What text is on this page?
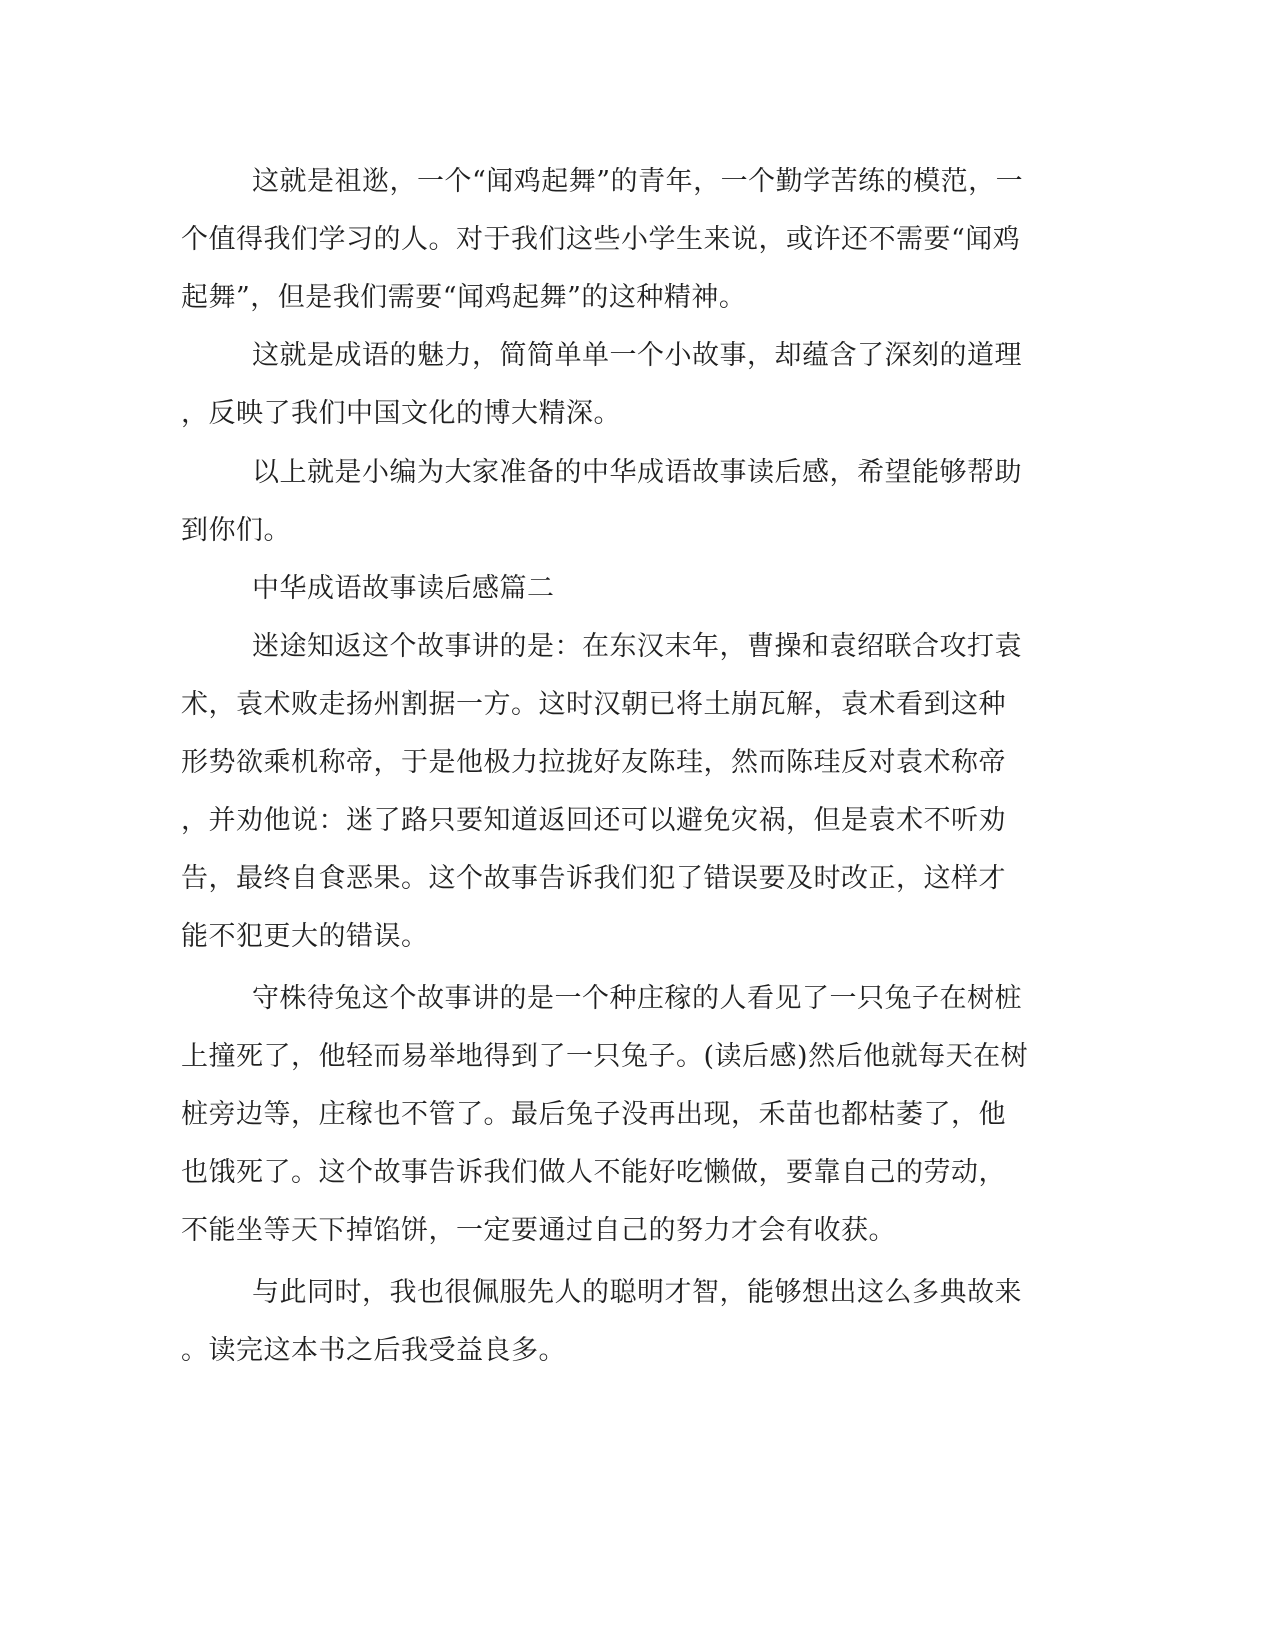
这就是祖逖，一个“闻鸡起舞”的青年，一个勤学苦练的模范，一

个值得我们学习的人。对于我们这些小学生来说，或许还不需要“闻鸡

起舞”，但是我们需要“闻鸡起舞”的这种精神。

这就是成语的魅力，简简单单一个小故事，却蕴含了深刻的道理

，反映了我们中国文化的博大精深。

以上就是小编为大家准备的中华成语故事读后感，希望能够帮助

到你们。

中华成语故事读后感篇二

迷途知返这个故事讲的是：在东汉末年，曹操和袁绍联合攻打袁

术，袁术败走扬州割据一方。这时汉朝已将土崩瓦解，袁术看到这种

形势欲乘机称帝，于是他极力拉拢好友陈珪，然而陈珪反对袁术称帝

，并劝他说：迷了路只要知道返回还可以避免灾祸，但是袁术不听劝

告，最终自食恶果。这个故事告诉我们犯了错误要及时改正，这样才

能不犯更大的错误。

守株待兔这个故事讲的是一个种庄稼的人看见了一只兔子在树桩

上撞死了，他轻而易举地得到了一只兔子。(读后感)然后他就每天在树

桩旁边等，庄稼也不管了。最后兔子没再出现，禾苗也都枯萎了，他

也饿死了。这个故事告诉我们做人不能好吃懒做，要靠自己的劳动，

不能坐等天下掉馅饼，一定要通过自己的努力才会有收获。

与此同时，我也很佩服先人的聪明才智，能够想出这么多典故来

。读完这本书之后我受益良多。
